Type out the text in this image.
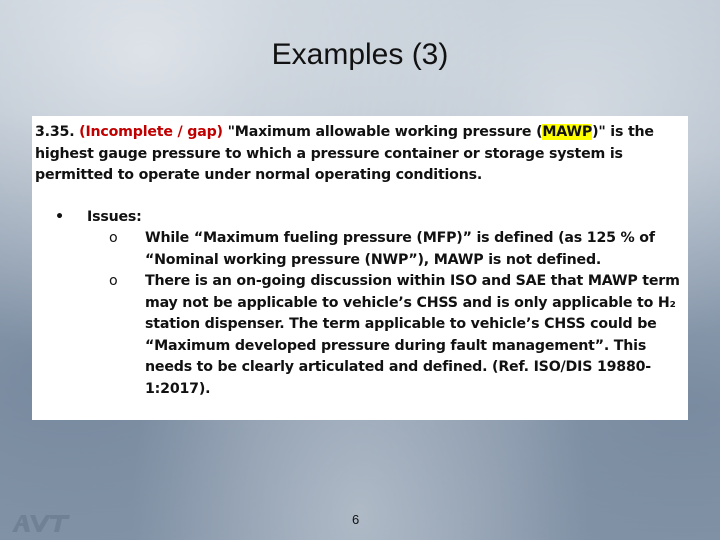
Examples (3)

3.35. (Incomplete / gap) "Maximum allowable working pressure (MAWP)" is the highest gauge pressure to which a pressure container or storage system is permitted to operate under normal operating conditions.

•	Issues:
o	While “Maximum fueling pressure (MFP)” is defined (as 125 % of “Nominal working pressure (NWP”), MAWP is not defined.
o	There is an on-going discussion within ISO and SAE that MAWP term may not be applicable to vehicle’s CHSS and is only applicable to H₂ station dispenser. The term applicable to vehicle’s CHSS could be “Maximum developed pressure during fault management”. This needs to be clearly articulated and defined. (Ref. ISO/DIS 19880-1:2017).
6
